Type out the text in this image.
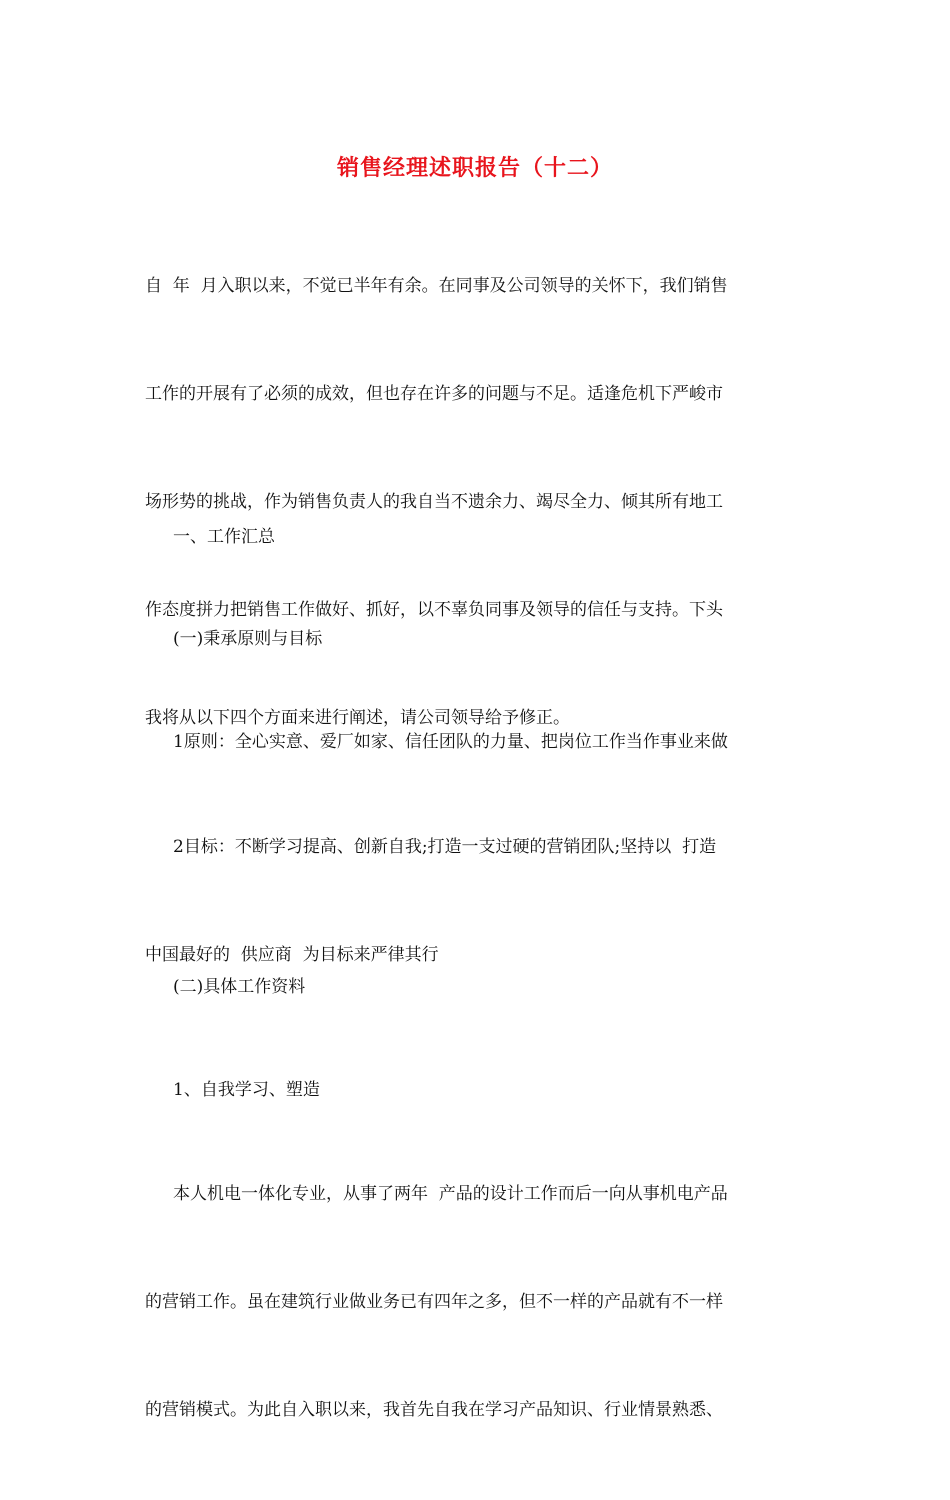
销售经理述职报告（十二）

自  年  月入职以来，不觉已半年有余。在同事及公司领导的关怀下，我们销售

工作的开展有了必须的成效，但也存在许多的问题与不足。适逢危机下严峻市

场形势的挑战，作为销售负责人的我自当不遗余力、竭尽全力、倾其所有地工

作态度拼力把销售工作做好、抓好，以不辜负同事及领导的信任与支持。下头

我将从以下四个方面来进行阐述，请公司领导给予修正。

一、工作汇总

(一)秉承原则与目标

1原则：全心实意、爱厂如家、信任团队的力量、把岗位工作当作事业来做

2目标：不断学习提高、创新自我;打造一支过硬的营销团队;坚持以  打造

中国最好的  供应商  为目标来严律其行

(二)具体工作资料

1、自我学习、塑造

本人机电一体化专业，从事了两年  产品的设计工作而后一向从事机电产品

的营销工作。虽在建筑行业做业务已有四年之多，但不一样的产品就有不一样

的营销模式。为此自入职以来，我首先自我在学习产品知识、行业情景熟悉、
